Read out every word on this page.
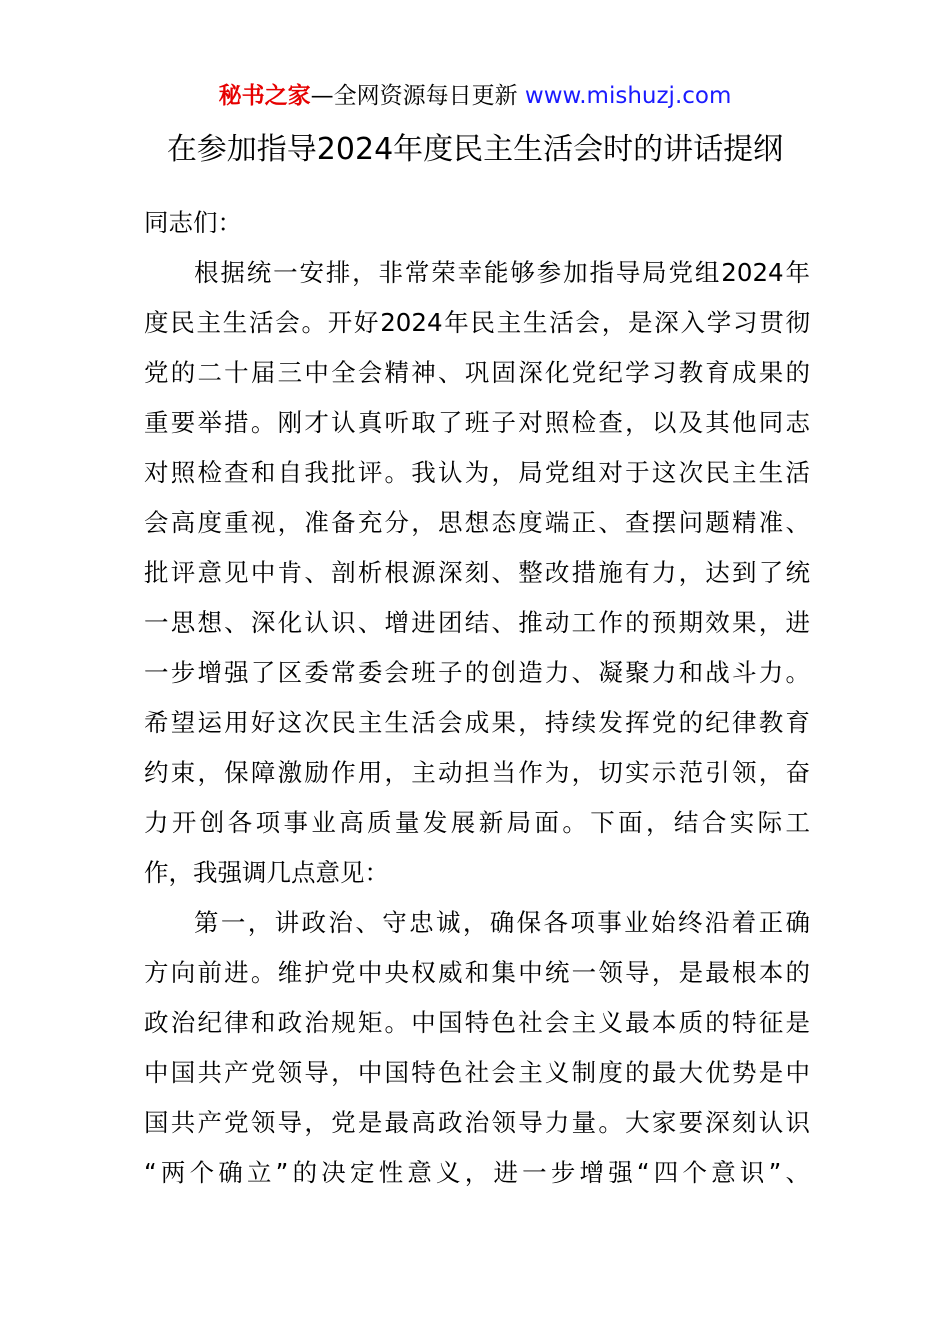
秘书之家—全网资源每日更新 www.mishuzj.com
在参加指导2024年度民主生活会时的讲话提纲
同志们：
根据统一安排，非常荣幸能够参加指导局党组2024年
度民主生活会。开好2024年民主生活会，是深入学习贯彻
党的二十届三中全会精神、巩固深化党纪学习教育成果的
重要举措。刚才认真听取了班子对照检查，以及其他同志
对照检查和自我批评。我认为，局党组对于这次民主生活
会高度重视，准备充分，思想态度端正、查摆问题精准、
批评意见中肯、剖析根源深刻、整改措施有力，达到了统
一思想、深化认识、增进团结、推动工作的预期效果，进
一步增强了区委常委会班子的创造力、凝聚力和战斗力。
希望运用好这次民主生活会成果，持续发挥党的纪律教育
约束，保障激励作用，主动担当作为，切实示范引领，奋
力开创各项事业高质量发展新局面。下面，结合实际工
作，我强调几点意见：
第一，讲政治、守忠诚，确保各项事业始终沿着正确
方向前进。维护党中央权威和集中统一领导，是最根本的
政治纪律和政治规矩。中国特色社会主义最本质的特征是
中国共产党领导，中国特色社会主义制度的最大优势是中
国共产党领导，党是最高政治领导力量。大家要深刻认识
“两个确立”的决定性意义，进一步增强“四个意识”、
